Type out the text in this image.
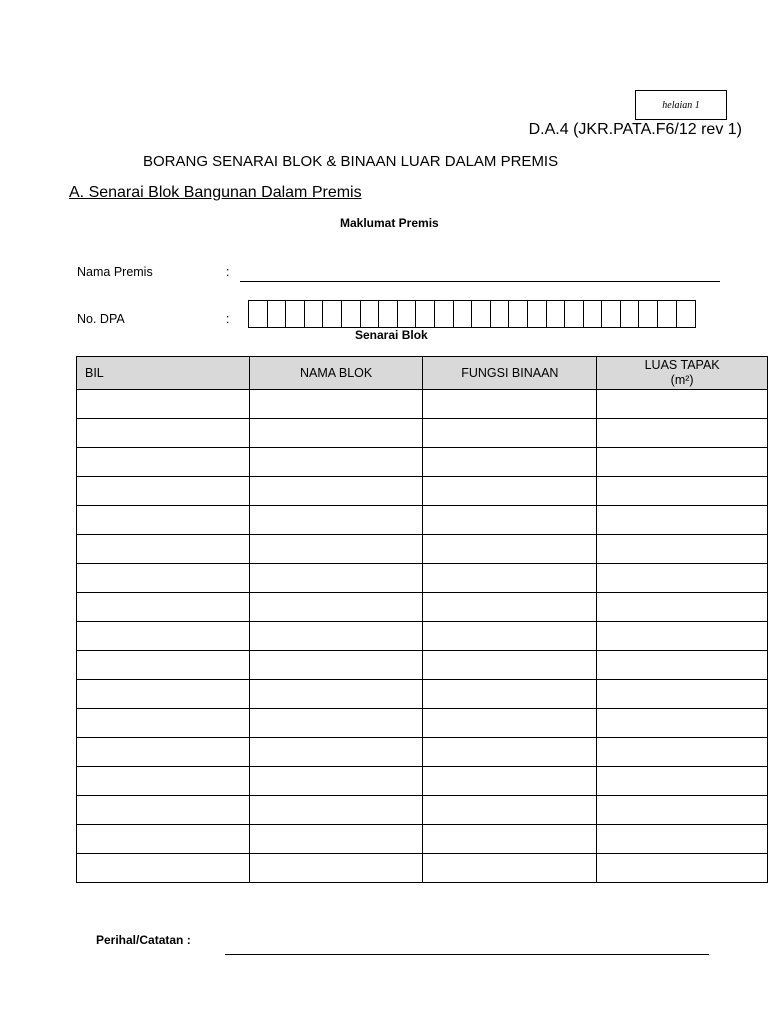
helaian 1
D.A.4 (JKR.PATA.F6/12 rev 1)
BORANG SENARAI BLOK & BINAAN LUAR DALAM PREMIS
A. Senarai Blok Bangunan Dalam Premis
Maklumat Premis
Nama Premis	:
No. DPA	:
Senarai Blok
BIL	NAMA BLOK	FUNGSI BINAAN	LUAS TAPAK
(m²)

Perihal/Catatan :
